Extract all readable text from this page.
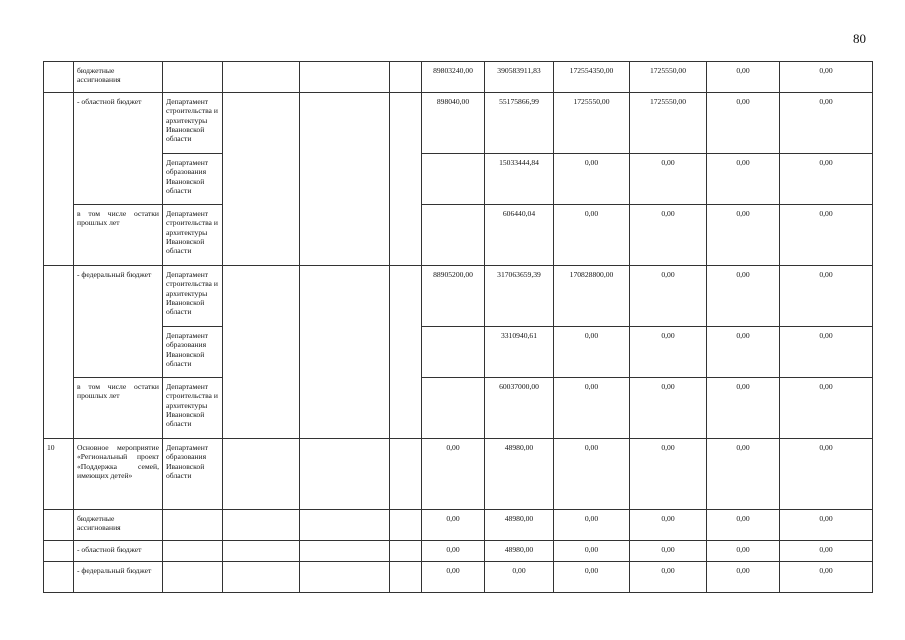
80
	бюджетные ассигнования					89803240,00	390583911,83	172554350,00	1725550,00	0,00	0,00
	- областной бюджет	Департамент строительства и архитектуры Ивановской области				898040,00	55175866,99	1725550,00	1725550,00	0,00	0,00
		Департамент образования Ивановской области					15033444,84	0,00	0,00	0,00	0,00
	в том числе остатки прошлых лет	Департамент строительства и архитектуры Ивановской области					606440,04	0,00	0,00	0,00	0,00
	- федеральный бюджет	Департамент строительства и архитектуры Ивановской области				88905200,00	317063659,39	170828800,00	0,00	0,00	0,00
		Департамент образования Ивановской области					3310940,61	0,00	0,00	0,00	0,00
	в том числе остатки прошлых лет	Департамент строительства и архитектуры Ивановской области					60037000,00	0,00	0,00	0,00	0,00
10	Основное мероприятие «Региональный проект «Поддержка семей, имеющих детей»	Департамент образования Ивановской области				0,00	48980,00	0,00	0,00	0,00	0,00
	бюджетные ассигнования					0,00	48980,00	0,00	0,00	0,00	0,00
	- областной бюджет					0,00	48980,00	0,00	0,00	0,00	0,00
	- федеральный бюджет					0,00	0,00	0,00	0,00	0,00	0,00
